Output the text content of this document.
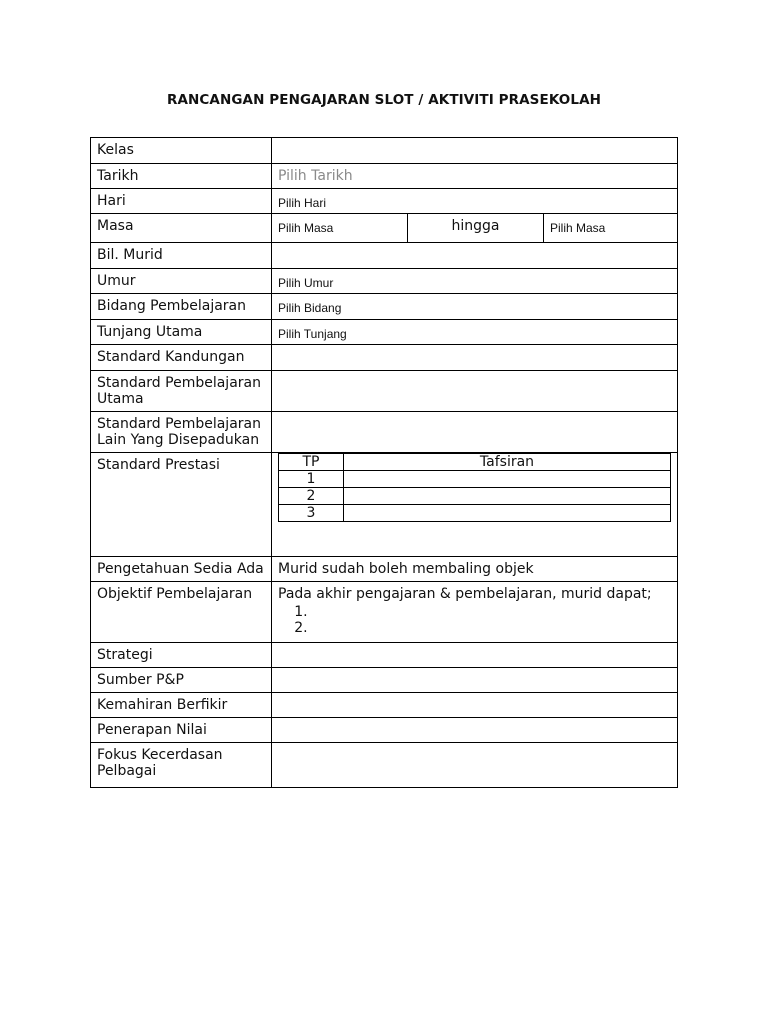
RANCANGAN PENGAJARAN SLOT / AKTIVITI PRASEKOLAH
Kelas	
Tarikh	Pilih Tarikh
Hari	Pilih Hari
Masa		Pilih Masa	hingga	Pilih Masa

Bil. Murid	
Umur	Pilih Umur
Bidang Pembelajaran	Pilih Bidang
Tunjang Utama	Pilih Tunjang
Standard Kandungan	
Standard Pembelajaran Utama	
Standard Pembelajaran Lain Yang Disepadukan	
Standard Prestasi		TP	Tafsiran
1	
2	
3	

Pengetahuan Sedia Ada	Murid sudah boleh membaling objek
Objektif Pembelajaran	Pada akhir pengajaran & pembelajaran, murid dapat;
1.
2.

Strategi	
Sumber P&P	
Kemahiran Berfikir	
Penerapan Nilai	
Fokus Kecerdasan Pelbagai	
